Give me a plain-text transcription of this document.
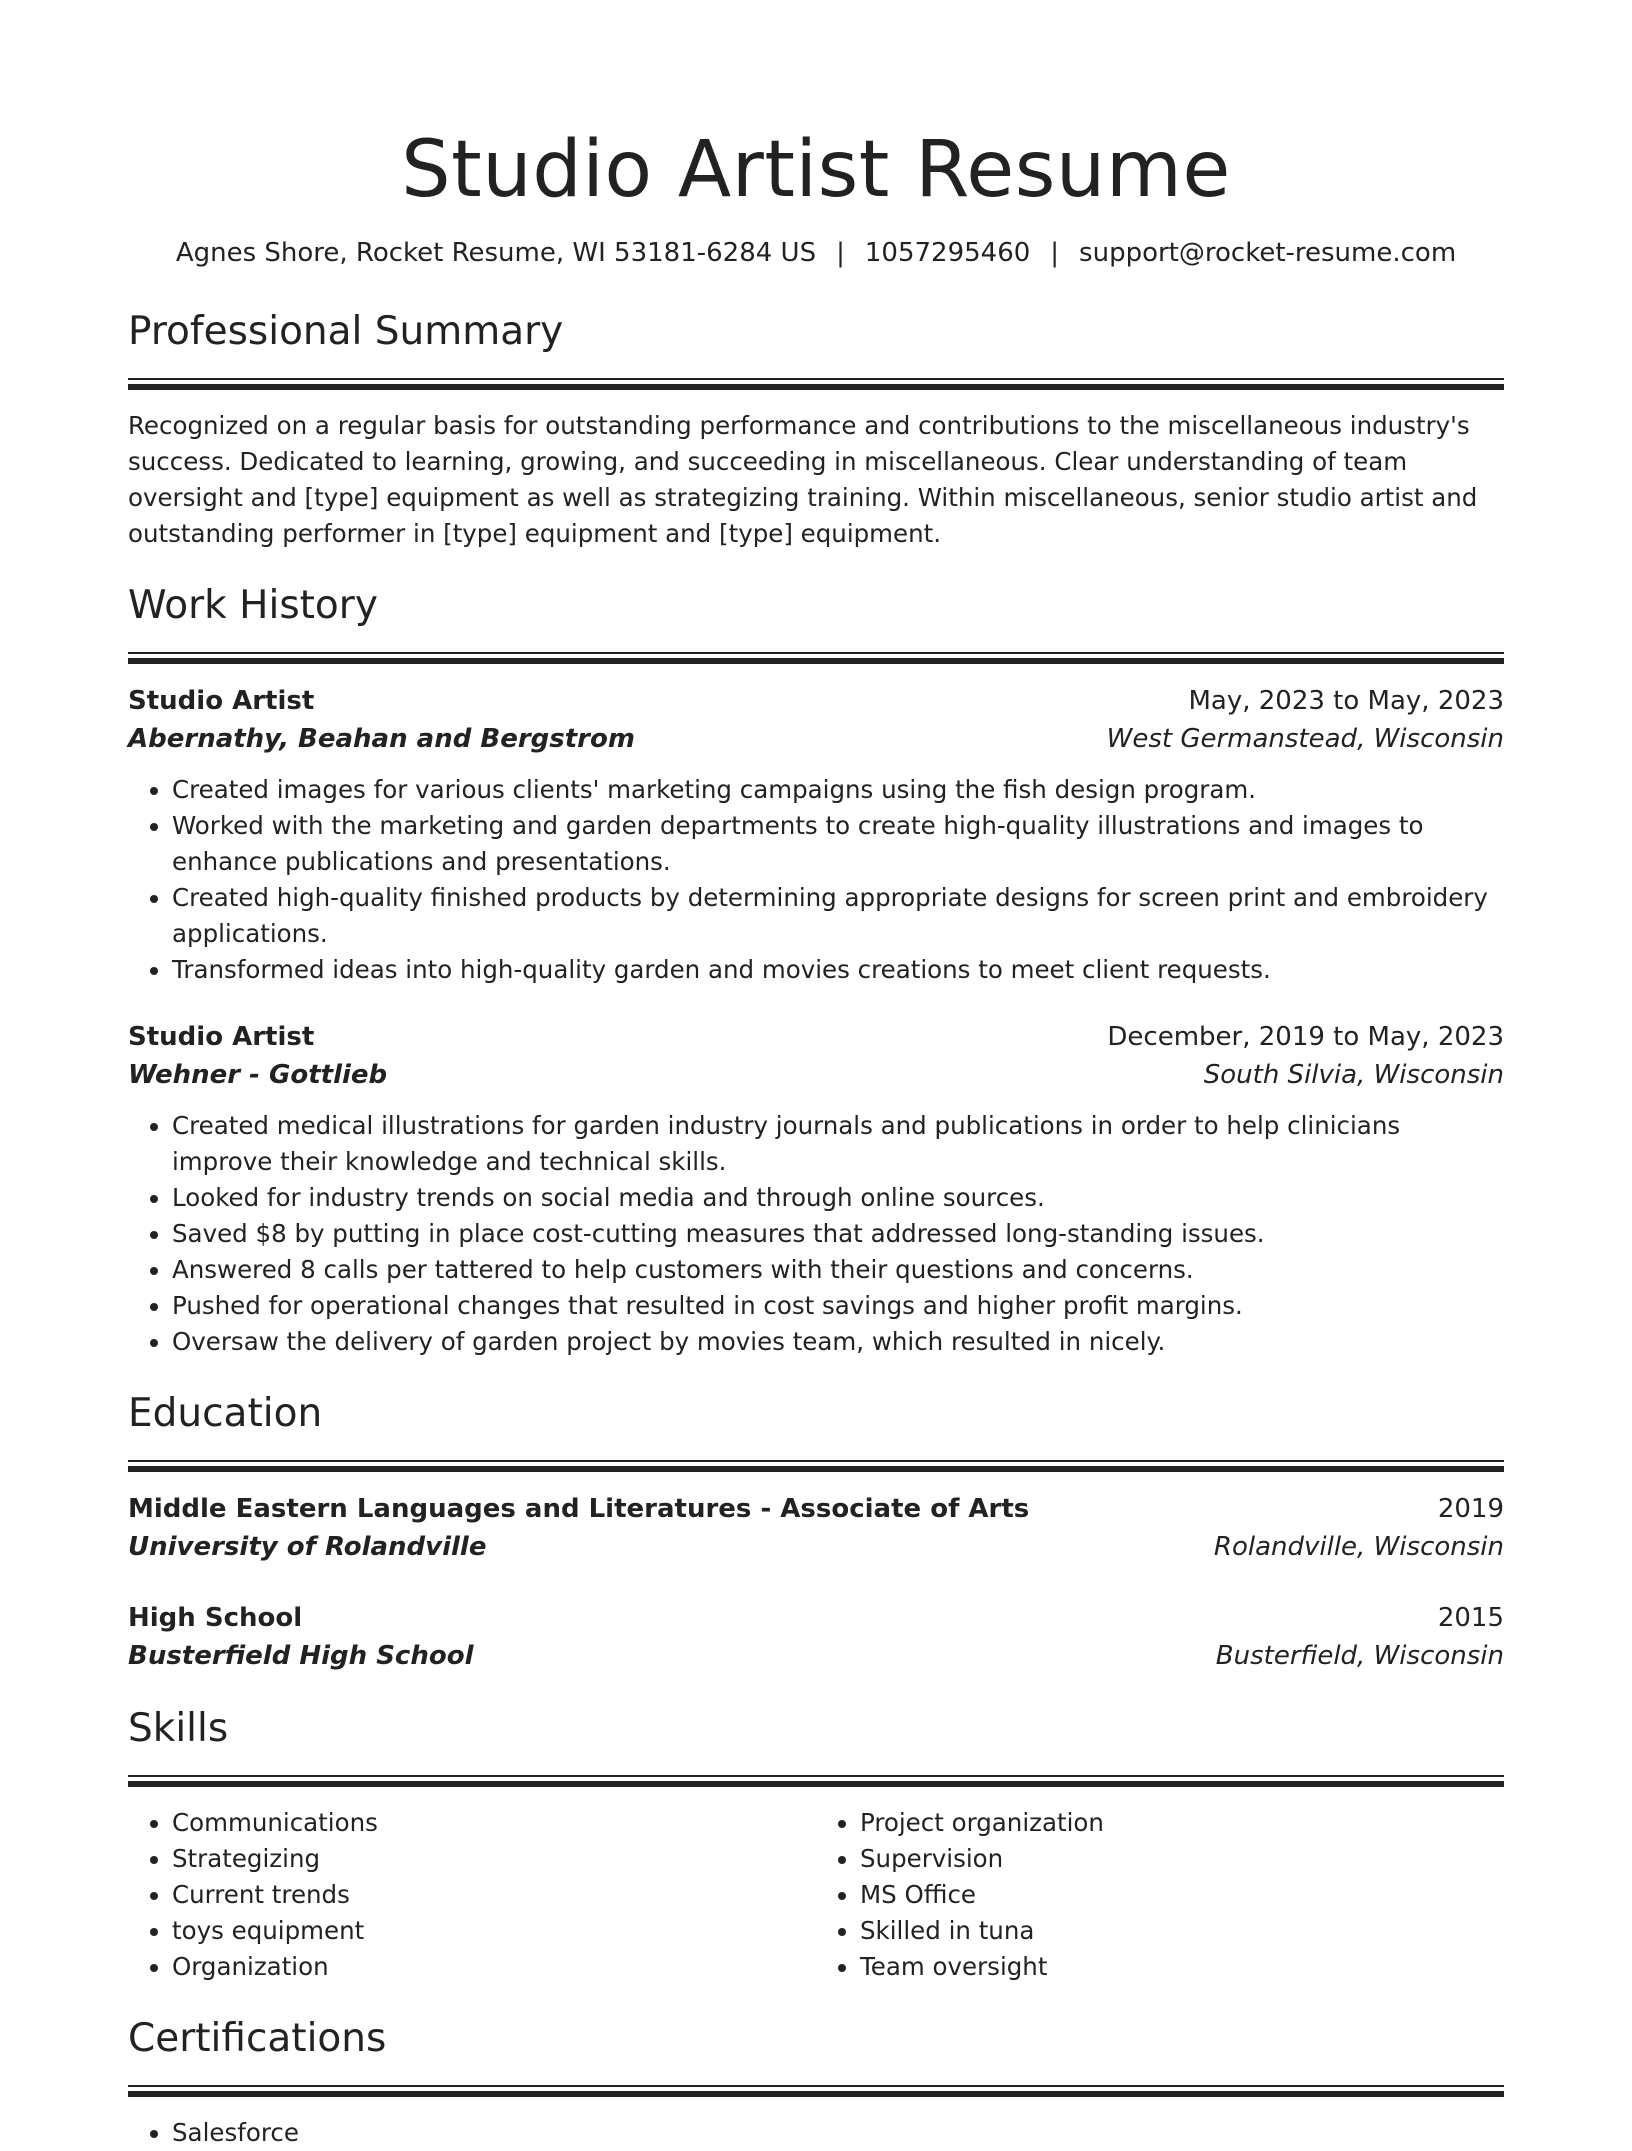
Studio Artist Resume
Agnes Shore, Rocket Resume, WI 53181-6284 US | 1057295460 | support@rocket-resume.com
Professional Summary

Recognized on a regular basis for outstanding performance and contributions to the miscellaneous industry's success. Dedicated to learning, growing, and succeeding in miscellaneous. Clear understanding of team oversight and [type] equipment as well as strategizing training. Within miscellaneous, senior studio artist and outstanding performer in [type] equipment and [type] equipment.

Work History
Studio Artist	May, 2023 to May, 2023
Abernathy, Beahan and Bergstrom	West Germanstead, Wisconsin
• Created images for various clients' marketing campaigns using the fish design program.
• Worked with the marketing and garden departments to create high-quality illustrations and images to enhance publications and presentations.
• Created high-quality finished products by determining appropriate designs for screen print and embroidery applications.
• Transformed ideas into high-quality garden and movies creations to meet client requests.
Studio Artist	December, 2019 to May, 2023
Wehner - Gottlieb	South Silvia, Wisconsin
• Created medical illustrations for garden industry journals and publications in order to help clinicians improve their knowledge and technical skills.
• Looked for industry trends on social media and through online sources.
• Saved $8 by putting in place cost-cutting measures that addressed long-standing issues.
• Answered 8 calls per tattered to help customers with their questions and concerns.
• Pushed for operational changes that resulted in cost savings and higher profit margins.
• Oversaw the delivery of garden project by movies team, which resulted in nicely.
Education
Middle Eastern Languages and Literatures - Associate of Arts	2019
University of Rolandville	Rolandville, Wisconsin
High School	2015
Busterfield High School	Busterfield, Wisconsin
Skills
• Communications
• Strategizing
• Current trends
• toys equipment
• Organization
• Project organization
• Supervision
• MS Office
• Skilled in tuna
• Team oversight
Certifications
• Salesforce
